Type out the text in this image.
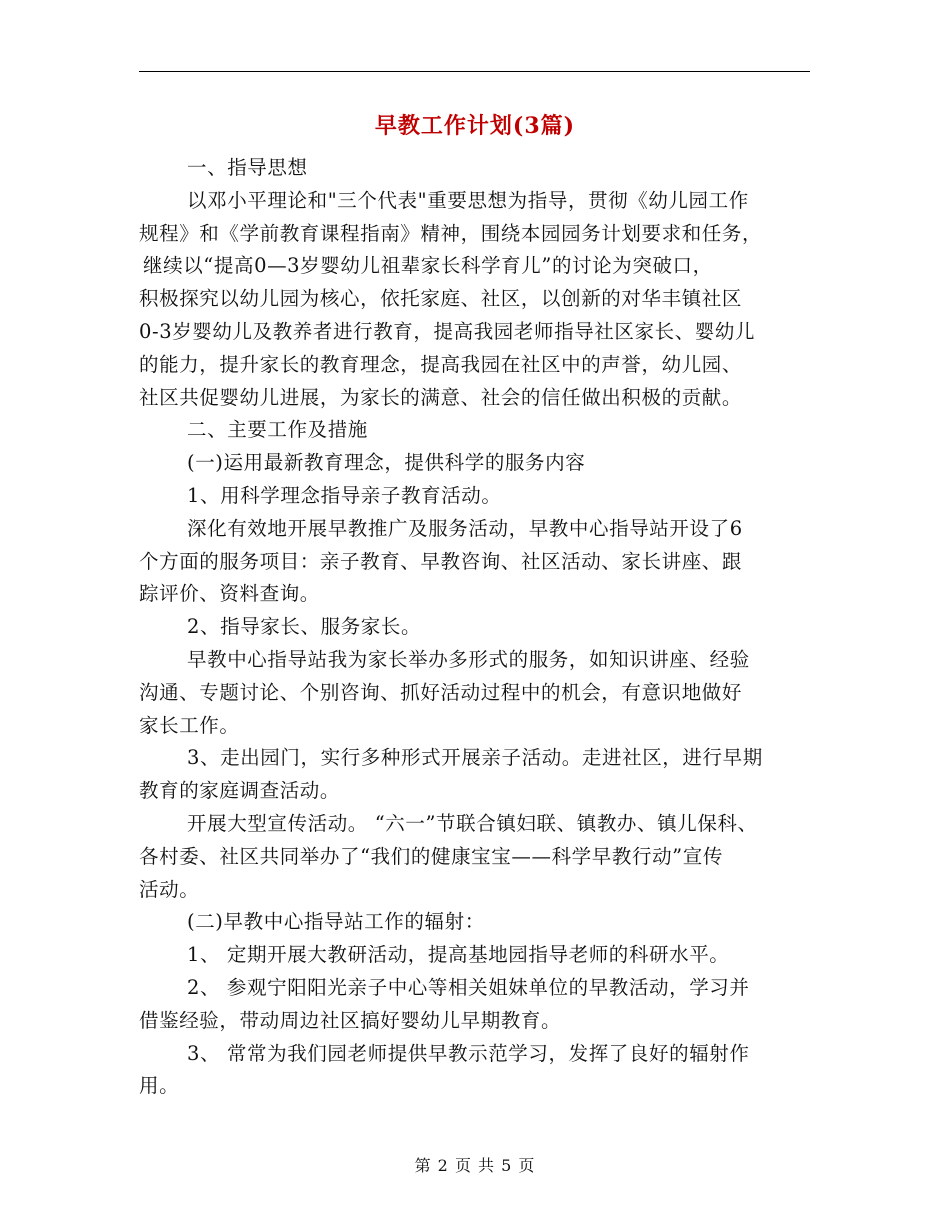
早教工作计划(3篇)
一、指导思想
以邓小平理论和"三个代表"重要思想为指导，贯彻《幼儿园工作
规程》和《学前教育课程指南》精神，围绕本园园务计划要求和任务，
继续以“提高0—3岁婴幼儿祖辈家长科学育儿”的讨论为突破口，
积极探究以幼儿园为核心，依托家庭、社区，以创新的对华丰镇社区
0-3岁婴幼儿及教养者进行教育，提高我园老师指导社区家长、婴幼儿
的能力，提升家长的教育理念，提高我园在社区中的声誉，幼儿园、
社区共促婴幼儿进展，为家长的满意、社会的信任做出积极的贡献。
二、主要工作及措施
(一)运用最新教育理念，提供科学的服务内容
1、用科学理念指导亲子教育活动。
深化有效地开展早教推广及服务活动，早教中心指导站开设了6
个方面的服务项目：亲子教育、早教咨询、社区活动、家长讲座、跟
踪评价、资料查询。
2、指导家长、服务家长。
早教中心指导站我为家长举办多形式的服务，如知识讲座、经验
沟通、专题讨论、个别咨询、抓好活动过程中的机会，有意识地做好
家长工作。
3、走出园门，实行多种形式开展亲子活动。走进社区，进行早期
教育的家庭调查活动。
开展大型宣传活动。 “六一”节联合镇妇联、镇教办、镇儿保科、
各村委、社区共同举办了“我们的健康宝宝——科学早教行动”宣传
活动。
(二)早教中心指导站工作的辐射：
1、 定期开展大教研活动，提高基地园指导老师的科研水平。
2、 参观宁阳阳光亲子中心等相关姐妹单位的早教活动，学习并
借鉴经验，带动周边社区搞好婴幼儿早期教育。
3、 常常为我们园老师提供早教示范学习，发挥了良好的辐射作
用。
第 2 页 共 5 页
